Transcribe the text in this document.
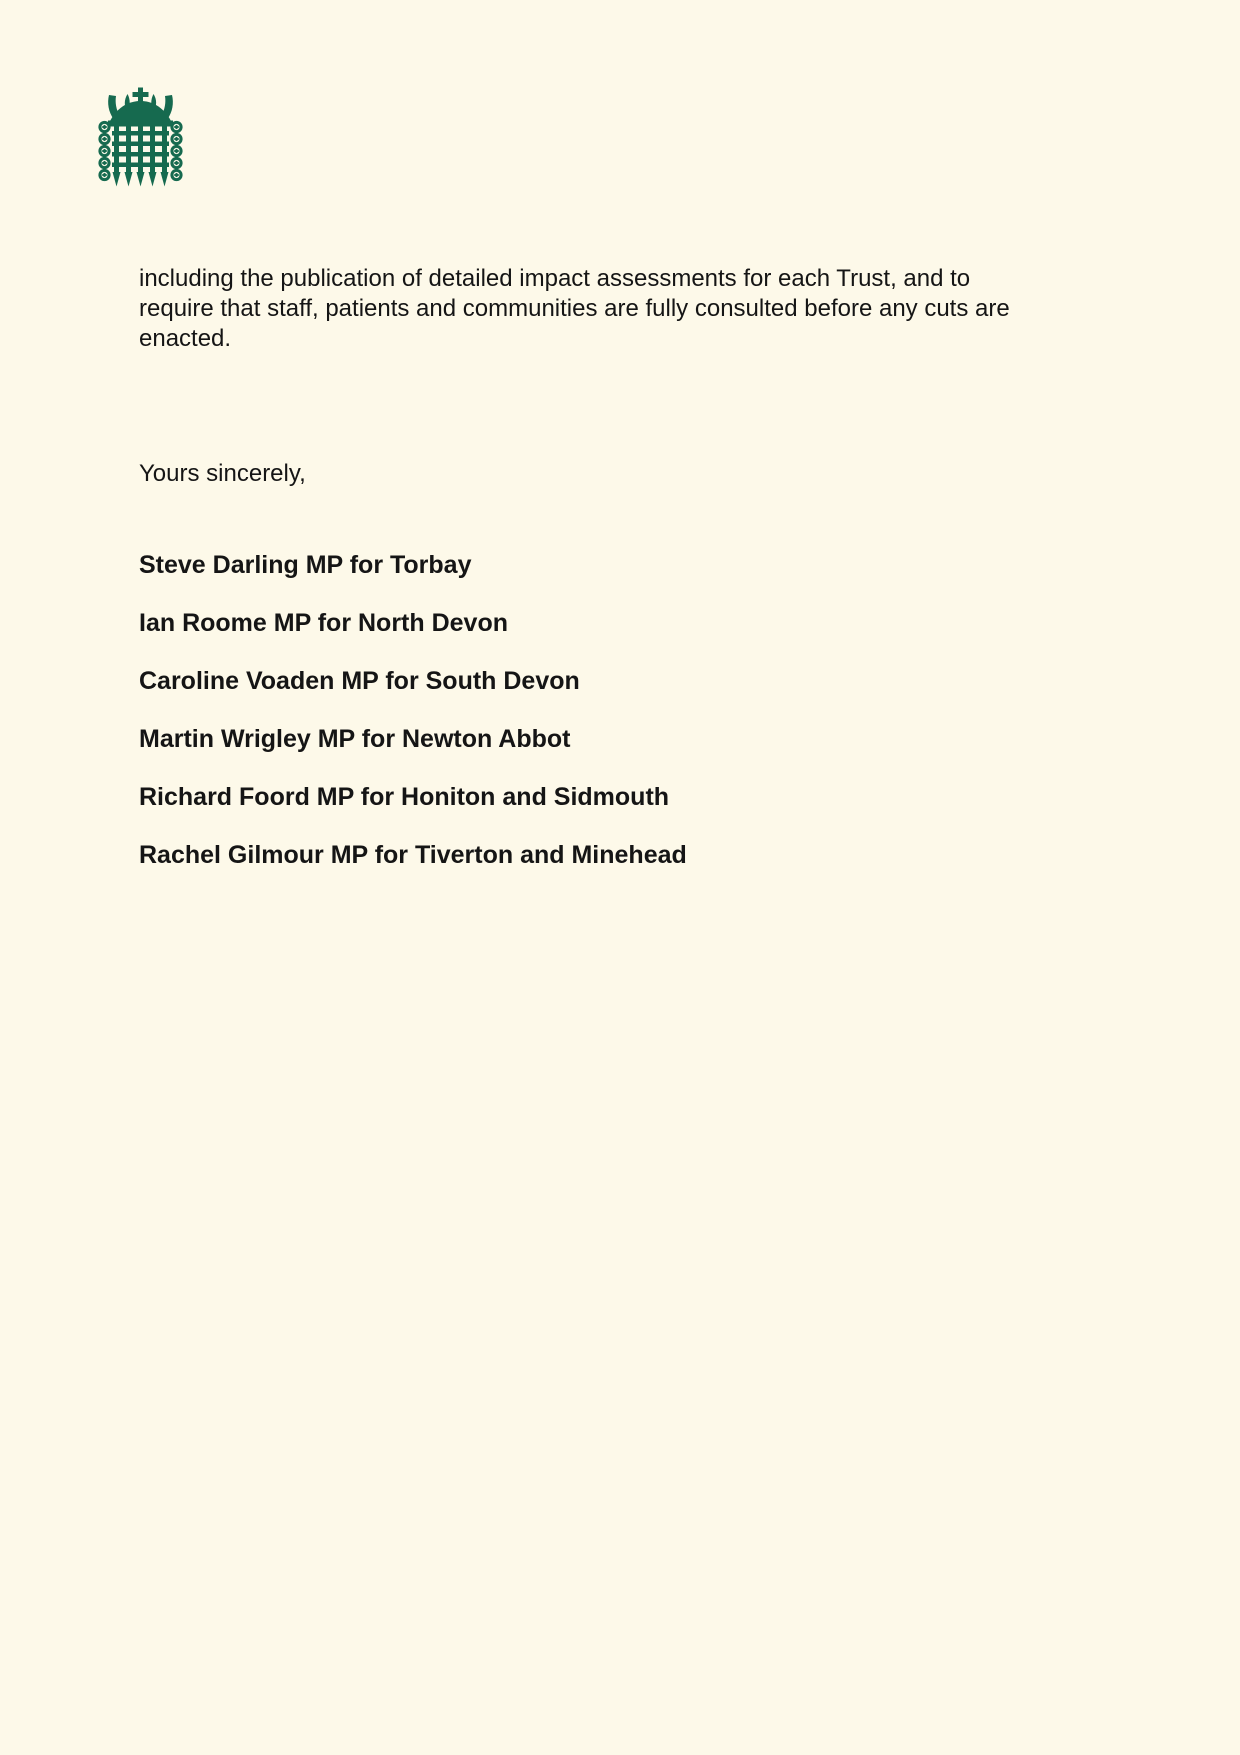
including the publication of detailed impact assessments for each Trust, and to
require that staff, patients and communities are fully consulted before any cuts are
enacted.
Yours sincerely,
Steve Darling MP for Torbay
Ian Roome MP for North Devon
Caroline Voaden MP for South Devon
Martin Wrigley MP for Newton Abbot
Richard Foord MP for Honiton and Sidmouth
Rachel Gilmour MP for Tiverton and Minehead
